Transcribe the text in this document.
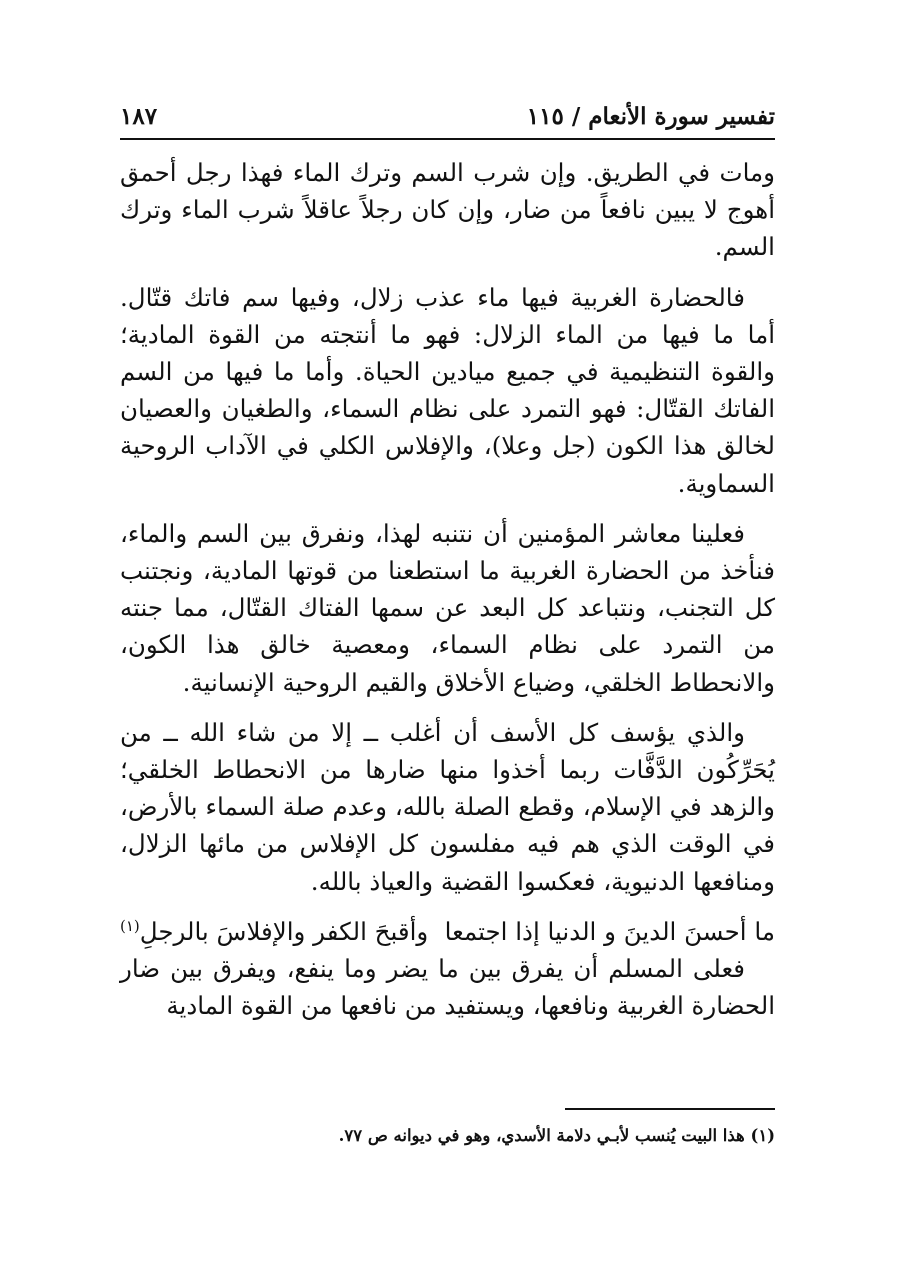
تفسير سورة الأنعام / ١١٥
١٨٧

ومات في الطريق. وإن شرب السم وترك الماء فهذا رجل أحمق أهوج لا يبين نافعاً من ضار، وإن كان رجلاً عاقلاً شرب الماء وترك السم.

فالحضارة الغربية فيها ماء عذب زلال، وفيها سم فاتك قتّال. أما ما فيها من الماء الزلال: فهو ما أنتجته من القوة المادية؛ والقوة التنظيمية في جميع ميادين الحياة. وأما ما فيها من السم الفاتك القتّال: فهو التمرد على نظام السماء، والطغيان والعصيان لخالق هذا الكون (جل وعلا)، والإفلاس الكلي في الآداب الروحية السماوية.

فعلينا معاشر المؤمنين أن نتنبه لهذا، ونفرق بين السم والماء، فنأخذ من الحضارة الغربية ما استطعنا من قوتها المادية، ونجتنب كل التجنب، ونتباعد كل البعد عن سمها الفتاك القتّال، مما جنته من التمرد على نظام السماء، ومعصية خالق هذا الكون، والانحطاط الخلقي، وضياع الأخلاق والقيم الروحية الإنسانية.

والذي يؤسف كل الأسف أن أغلب ــ إلا من شاء الله ــ من يُحَرِّكُون الدَّفَّات ربما أخذوا منها ضارها من الانحطاط الخلقي؛ والزهد في الإسلام، وقطع الصلة بالله، وعدم صلة السماء بالأرض، في الوقت الذي هم فيه مفلسون كل الإفلاس من مائها الزلال، ومنافعها الدنيوية، فعكسوا القضية والعياذ بالله.

ما أحسنَ الدينَ و الدنيا إذا اجتمعا
وأقبحَ الكفر والإفلاسَ بالرجلِ$^{(١)}$

فعلى المسلم أن يفرق بين ما يضر وما ينفع، ويفرق بين ضار الحضارة الغربية ونافعها، ويستفيد من نافعها من القوة المادية

(١) هذا البيت يُنسب لأبـي دلامة الأسدي، وهو في ديوانه ص ٧٧.
